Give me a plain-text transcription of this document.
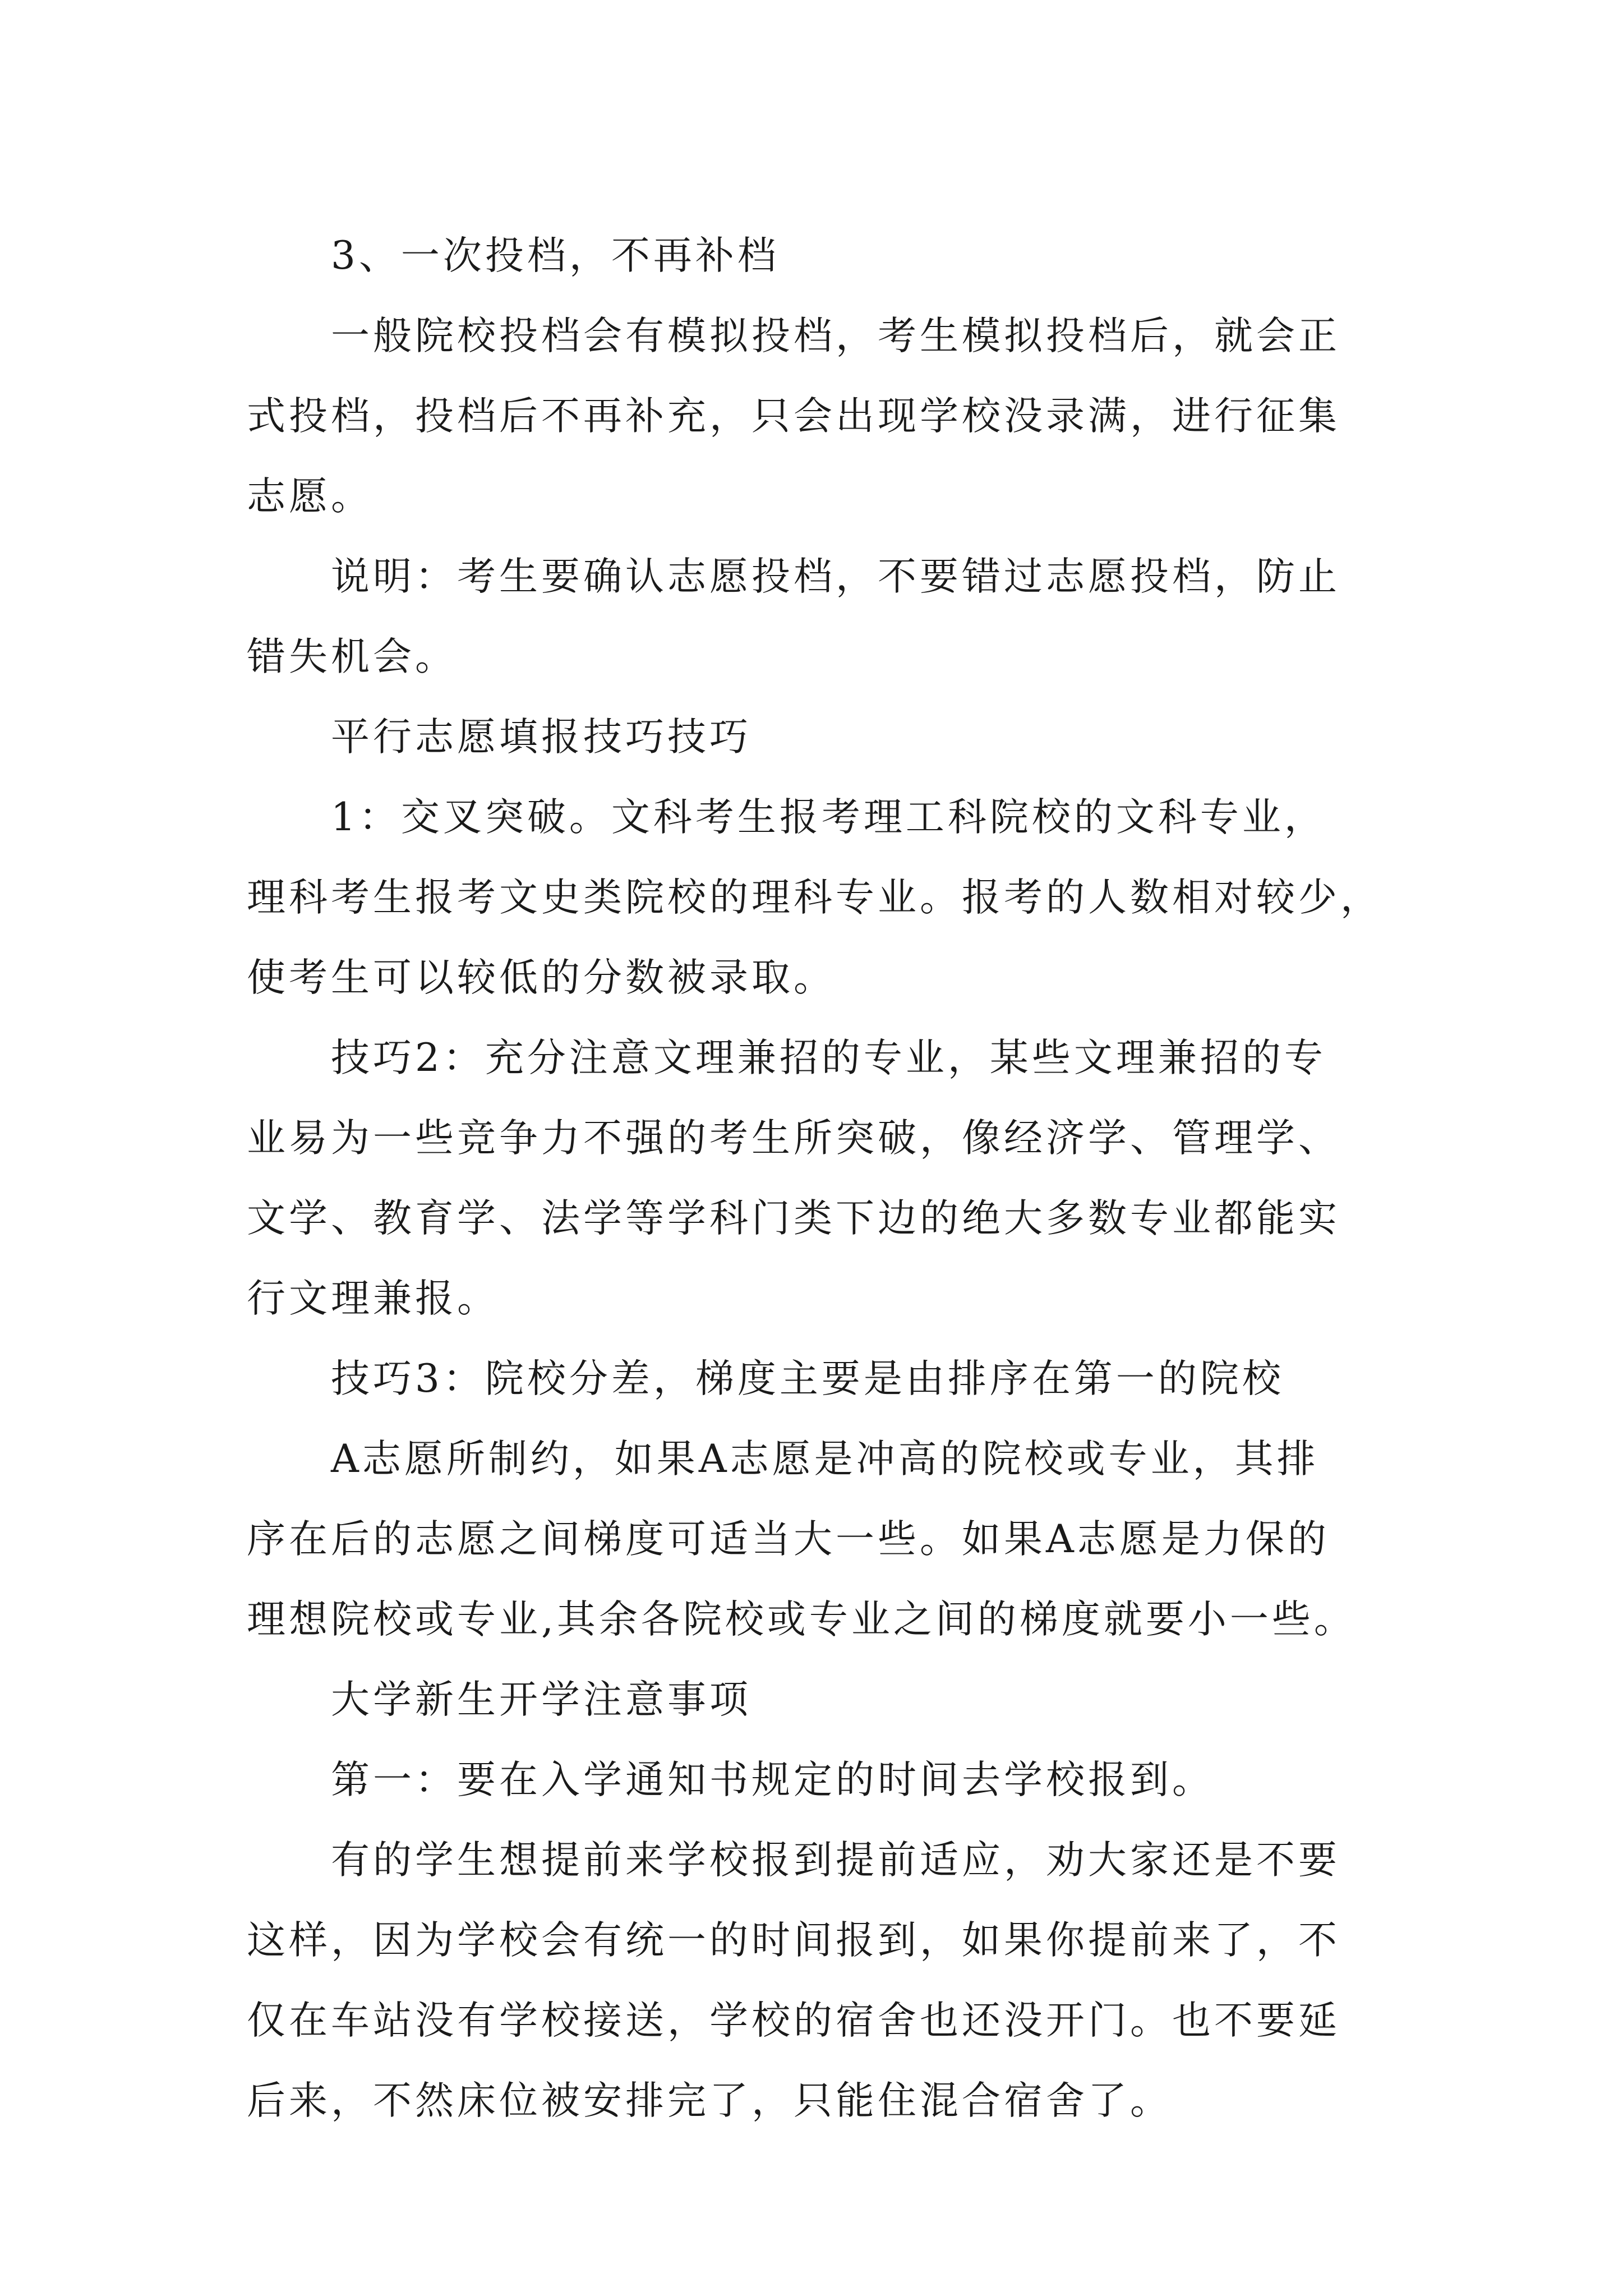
3、一次投档，不再补档
一般院校投档会有模拟投档，考生模拟投档后，就会正
式投档，投档后不再补充，只会出现学校没录满，进行征集
志愿。
说明：考生要确认志愿投档，不要错过志愿投档，防止
错失机会。
平行志愿填报技巧技巧
1：交叉突破。文科考生报考理工科院校的文科专业，
理科考生报考文史类院校的理科专业。报考的人数相对较少，
使考生可以较低的分数被录取。
技巧2：充分注意文理兼招的专业，某些文理兼招的专
业易为一些竞争力不强的考生所突破，像经济学、管理学、
文学、教育学、法学等学科门类下边的绝大多数专业都能实
行文理兼报。
技巧3：院校分差，梯度主要是由排序在第一的院校
A志愿所制约，如果A志愿是冲高的院校或专业，其排
序在后的志愿之间梯度可适当大一些。如果A志愿是力保的
理想院校或专业,其余各院校或专业之间的梯度就要小一些。
大学新生开学注意事项
第一：要在入学通知书规定的时间去学校报到。
有的学生想提前来学校报到提前适应，劝大家还是不要
这样，因为学校会有统一的时间报到，如果你提前来了，不
仅在车站没有学校接送，学校的宿舍也还没开门。也不要延
后来，不然床位被安排完了，只能住混合宿舍了。
